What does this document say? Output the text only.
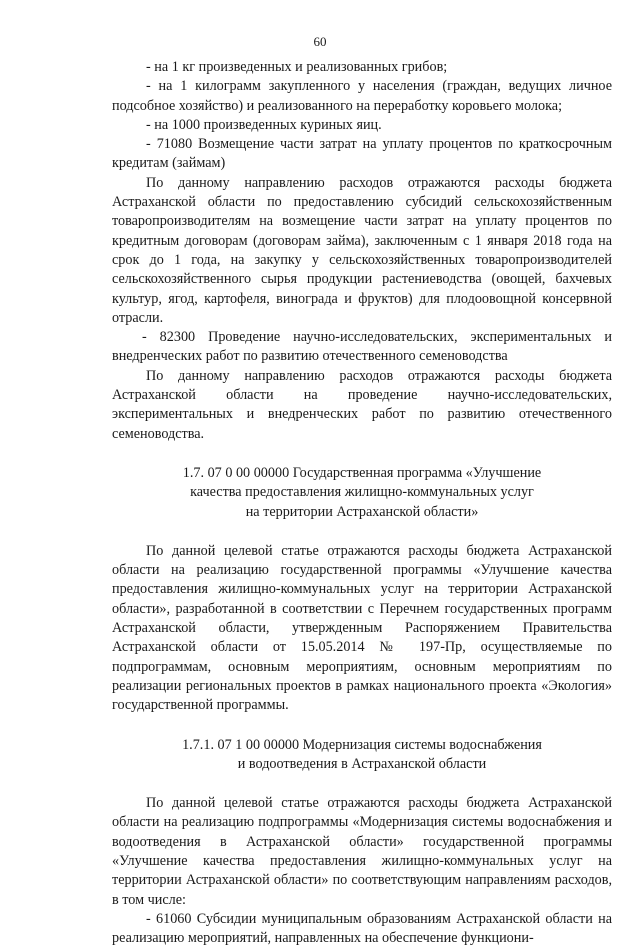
60

- на 1 кг произведенных и реализованных грибов;

- на 1 килограмм закупленного у населения (граждан, ведущих личное подсобное хозяйство) и реализованного на переработку коровьего молока;

- на 1000 произведенных куриных яиц.

- 71080 Возмещение части затрат на уплату процентов по краткосрочным кредитам (займам)

По данному направлению расходов отражаются расходы бюджета Астраханской области по предоставлению субсидий сельскохозяйственным товаропроизводителям на возмещение части затрат на уплату процентов по кредитным договорам (договорам займа), заключенным с 1 января 2018 года на срок до 1 года, на закупку у сельскохозяйственных товаропроизводителей сельскохозяйственного сырья продукции растениеводства (овощей, бахчевых культур, ягод, картофеля, винограда и фруктов) для плодоовощной консервной отрасли.

- 82300 Проведение научно-исследовательских, экспериментальных и внедренческих работ по развитию отечественного семеноводства

По данному направлению расходов отражаются расходы бюджета Астраханской области на проведение научно-исследовательских, экспериментальных и внедренческих работ по развитию отечественного семеноводства.

1.7. 07 0 00 00000 Государственная программа «Улучшение
качества предоставления жилищно-коммунальных услуг
на территории Астраханской области»

По данной целевой статье отражаются расходы бюджета Астраханской области на реализацию государственной программы «Улучшение качества предоставления жилищно-коммунальных услуг на территории Астраханской области», разработанной в соответствии с Перечнем государственных программ Астраханской области, утвержденным Распоряжением Правительства Астраханской области от 15.05.2014 № 197-Пр, осуществляемые по подпрограммам, основным мероприятиям, основным мероприятиям по реализации региональных проектов в рамках национального проекта «Экология» государственной программы.

1.7.1. 07 1 00 00000 Модернизация системы водоснабжения
и водоотведения в Астраханской области

По данной целевой статье отражаются расходы бюджета Астраханской области на реализацию подпрограммы «Модернизация системы водоснабжения и водоотведения в Астраханской области» государственной программы «Улучшение качества предоставления жилищно-коммунальных услуг на территории Астраханской области» по соответствующим направлениям расходов, в том числе:

- 61060 Субсидии муниципальным образованиям Астраханской области на реализацию мероприятий, направленных на обеспечение функциони-
